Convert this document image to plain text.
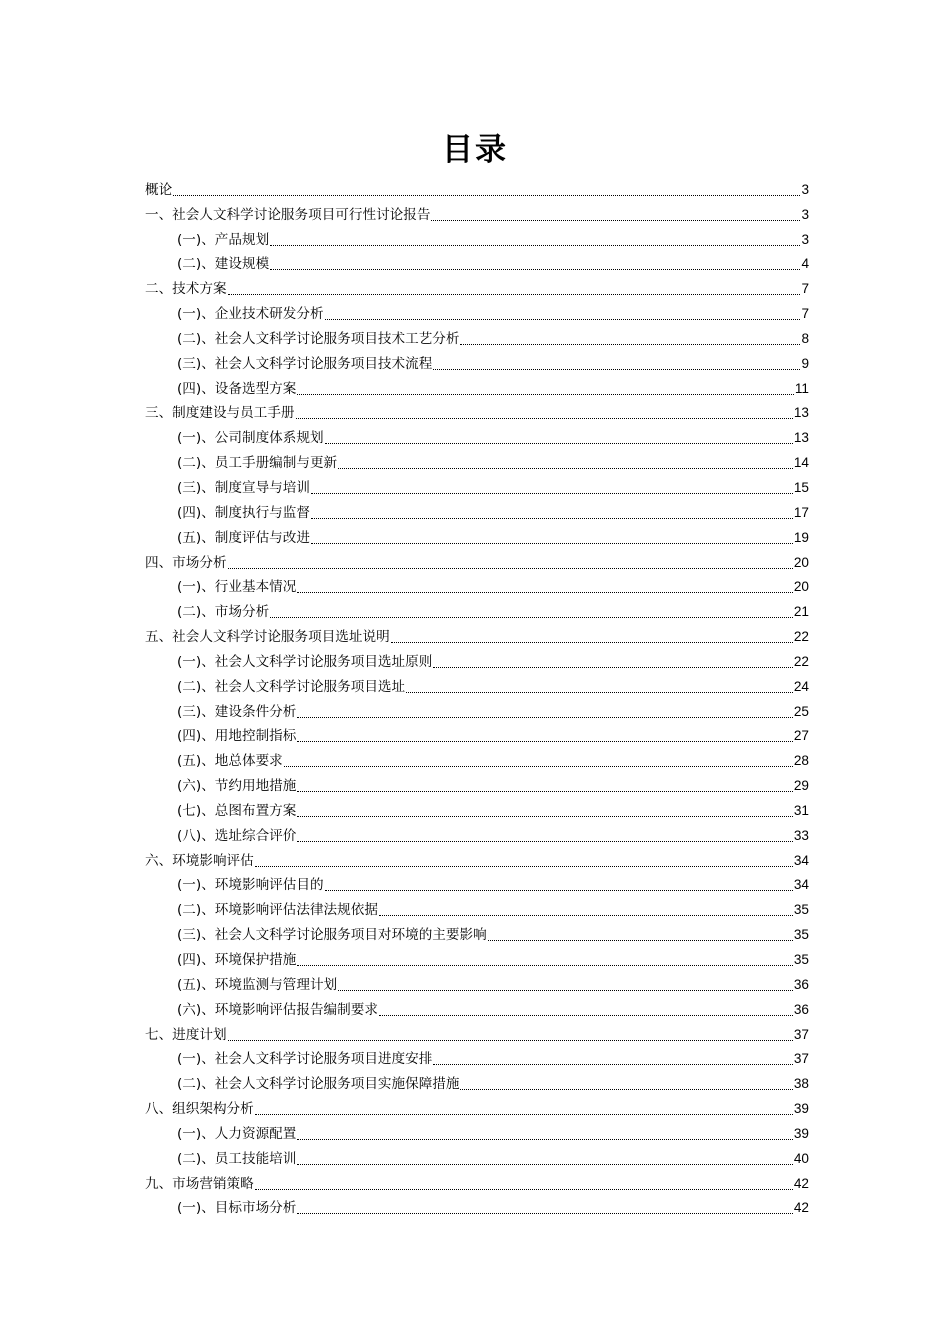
目录
概论	3
一、社会人文科学讨论服务项目可行性讨论报告	3
(一)、产品规划	3
(二)、建设规模	4
二、技术方案	7
(一)、企业技术研发分析	7
(二)、社会人文科学讨论服务项目技术工艺分析	8
(三)、社会人文科学讨论服务项目技术流程	9
(四)、设备选型方案	11
三、制度建设与员工手册	13
(一)、公司制度体系规划	13
(二)、员工手册编制与更新	14
(三)、制度宣导与培训	15
(四)、制度执行与监督	17
(五)、制度评估与改进	19
四、市场分析	20
(一)、行业基本情况	20
(二)、市场分析	21
五、社会人文科学讨论服务项目选址说明	22
(一)、社会人文科学讨论服务项目选址原则	22
(二)、社会人文科学讨论服务项目选址	24
(三)、建设条件分析	25
(四)、用地控制指标	27
(五)、地总体要求	28
(六)、节约用地措施	29
(七)、总图布置方案	31
(八)、选址综合评价	33
六、环境影响评估	34
(一)、环境影响评估目的	34
(二)、环境影响评估法律法规依据	35
(三)、社会人文科学讨论服务项目对环境的主要影响	35
(四)、环境保护措施	35
(五)、环境监测与管理计划	36
(六)、环境影响评估报告编制要求	36
七、进度计划	37
(一)、社会人文科学讨论服务项目进度安排	37
(二)、社会人文科学讨论服务项目实施保障措施	38
八、组织架构分析	39
(一)、人力资源配置	39
(二)、员工技能培训	40
九、市场营销策略	42
(一)、目标市场分析	42
